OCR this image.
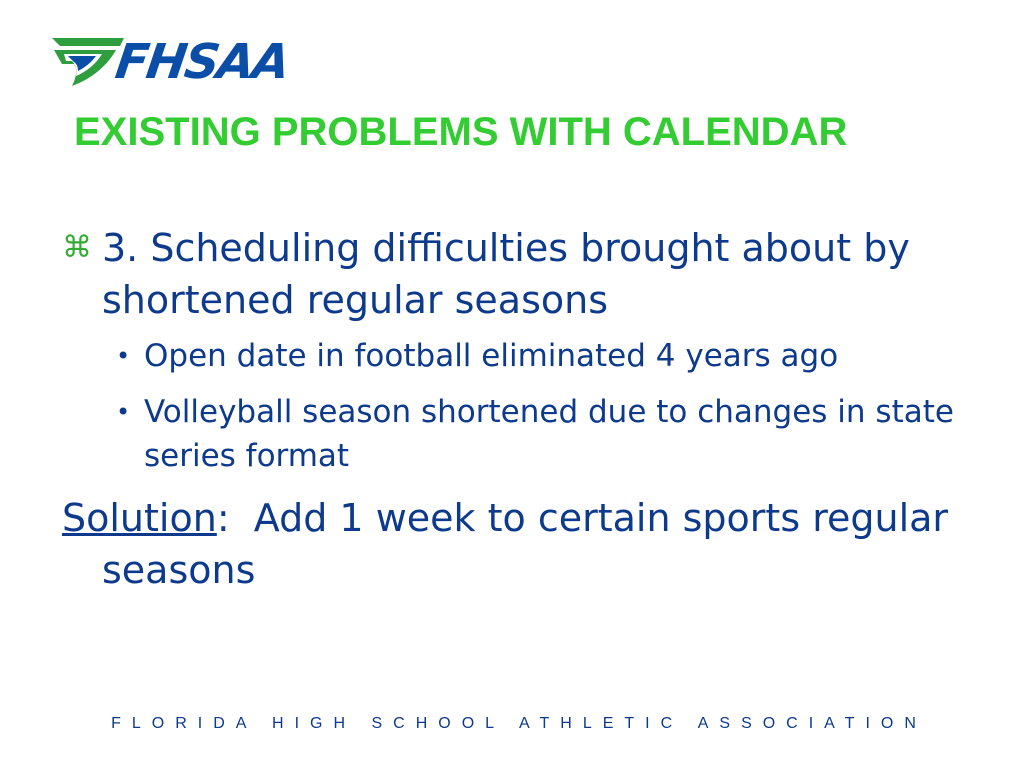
FHSAA
EXISTING PROBLEMS WITH CALENDAR
⌘ 3. Scheduling difficulties brought about by shortened regular seasons
• Open date in football eliminated 4 years ago
• Volleyball season shortened due to changes in state series format
Solution:  Add 1 week to certain sports regular seasons
FLORIDA HIGH SCHOOL ATHLETIC ASSOCIATION
